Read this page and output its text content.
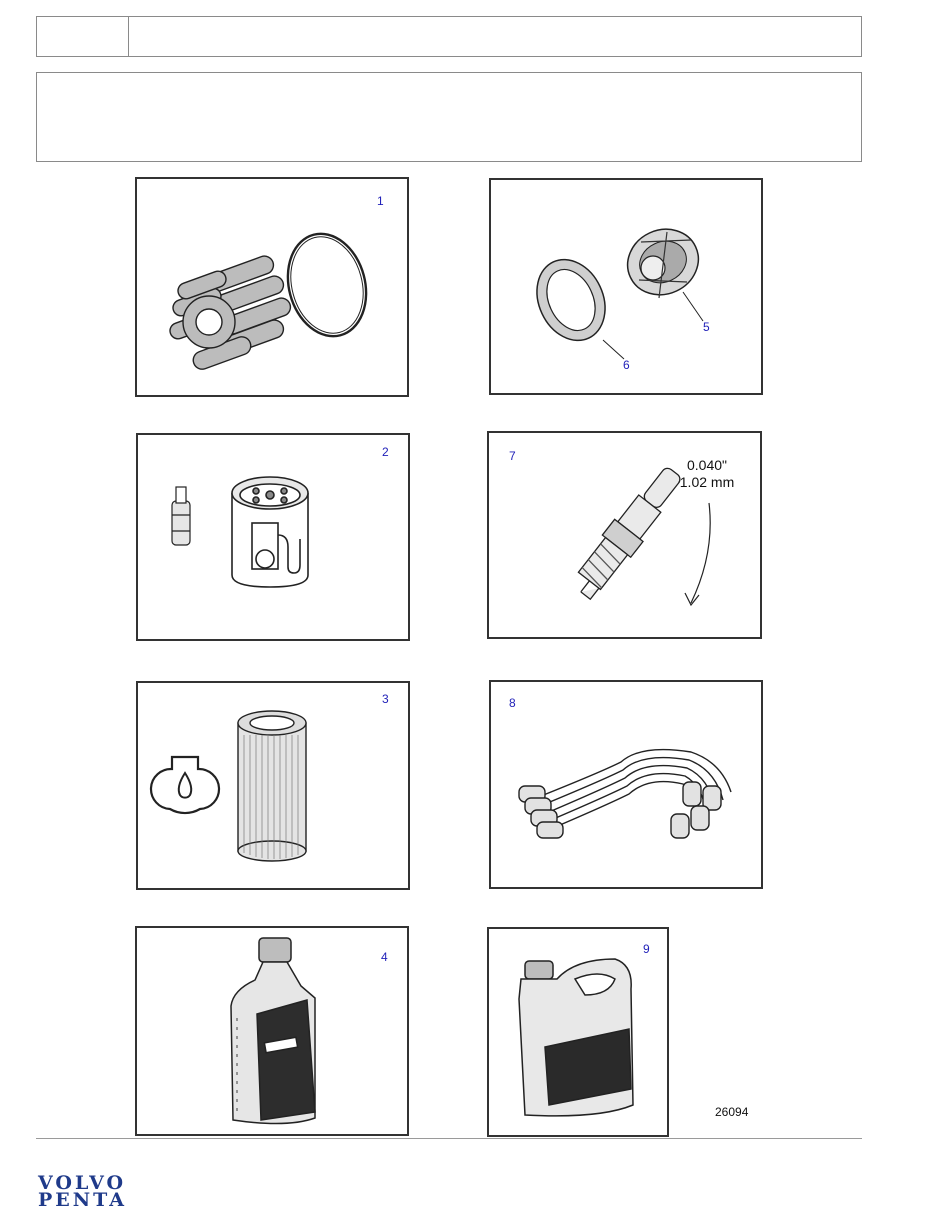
1
5
6
2	7
0.040"
1.02 mm
3	8
4
9
26094
VOLVO
PENTA
